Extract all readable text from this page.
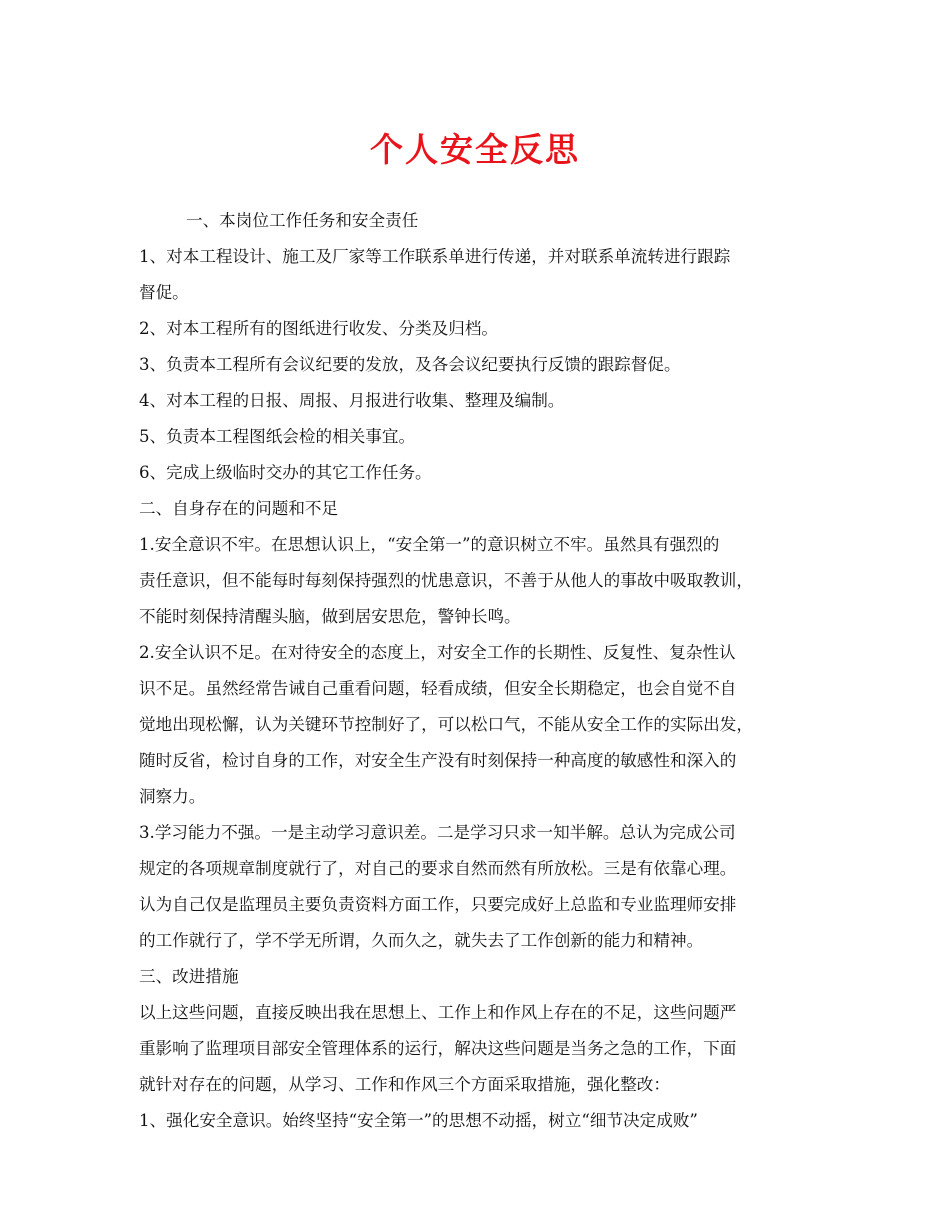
个人安全反思
一、本岗位工作任务和安全责任
1、对本工程设计、施工及厂家等工作联系单进行传递，并对联系单流转进行跟踪
督促。
2、对本工程所有的图纸进行收发、分类及归档。
3、负责本工程所有会议纪要的发放，及各会议纪要执行反馈的跟踪督促。
4、对本工程的日报、周报、月报进行收集、整理及编制。
5、负责本工程图纸会检的相关事宜。
6、完成上级临时交办的其它工作任务。
二、自身存在的问题和不足
1.安全意识不牢。在思想认识上，“安全第一”的意识树立不牢。虽然具有强烈的
责任意识，但不能每时每刻保持强烈的忧患意识，不善于从他人的事故中吸取教训，
不能时刻保持清醒头脑，做到居安思危，警钟长鸣。
2.安全认识不足。在对待安全的态度上，对安全工作的长期性、反复性、复杂性认
识不足。虽然经常告诫自己重看问题，轻看成绩，但安全长期稳定，也会自觉不自
觉地出现松懈，认为关键环节控制好了，可以松口气，不能从安全工作的实际出发，
随时反省，检讨自身的工作，对安全生产没有时刻保持一种高度的敏感性和深入的
洞察力。
3.学习能力不强。一是主动学习意识差。二是学习只求一知半解。总认为完成公司
规定的各项规章制度就行了，对自己的要求自然而然有所放松。三是有依靠心理。
认为自己仅是监理员主要负责资料方面工作，只要完成好上总监和专业监理师安排
的工作就行了，学不学无所谓，久而久之，就失去了工作创新的能力和精神。
三、改进措施
以上这些问题，直接反映出我在思想上、工作上和作风上存在的不足，这些问题严
重影响了监理项目部安全管理体系的运行，解决这些问题是当务之急的工作，下面
就针对存在的问题，从学习、工作和作风三个方面采取措施，强化整改：
1、强化安全意识。始终坚持“安全第一”的思想不动摇，树立“细节决定成败”
